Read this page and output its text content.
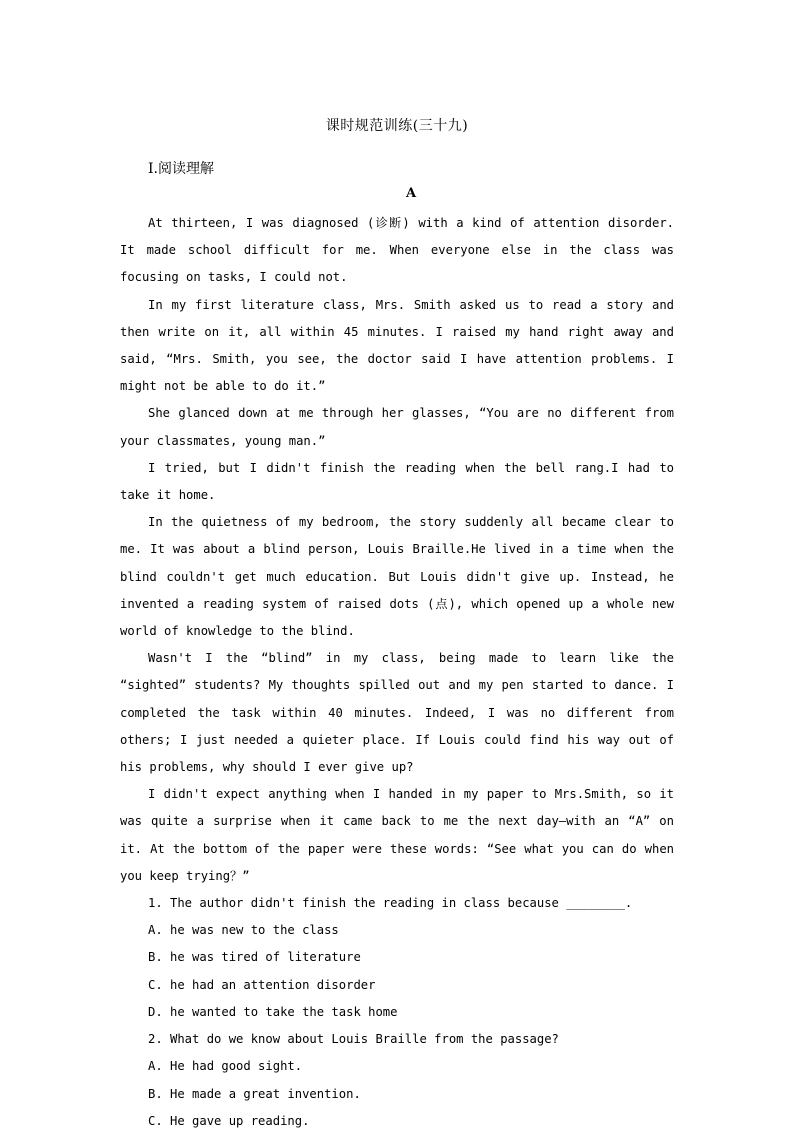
课时规范训练(三十九)
Ⅰ.阅读理解
A

At thirteen, I was diagnosed (诊断) with a kind of attention disorder. It made school difficult for me. When everyone else in the class was focusing on tasks, I could not.

In my first literature class, Mrs. Smith asked us to read a story and then write on it, all within 45 minutes. I raised my hand right away and said, “Mrs. Smith, you see, the doctor said I have attention problems. I might not be able to do it.”

She glanced down at me through her glasses, “You are no different from your classmates, young man.”

I tried, but I didn't finish the reading when the bell rang.I had to take it home.

In the quietness of my bedroom, the story suddenly all became clear to me. It was about a blind person, Louis Braille.He lived in a time when the blind couldn't get much education. But Louis didn't give up. Instead, he invented a reading system of raised dots (点), which opened up a whole new world of knowledge to the blind.

Wasn't I the “blind” in my class, being made to learn like the “sighted” students? My thoughts spilled out and my pen started to dance. I completed the task within 40 minutes. Indeed, I was no different from others; I just needed a quieter place. If Louis could find his way out of his problems, why should I ever give up?

I didn't expect anything when I handed in my paper to Mrs.Smith, so it was quite a surprise when it came back to me the next day—with an “A” on it. At the bottom of the paper were these words: “See what you can do when you keep trying？”

1. The author didn't finish the reading in class because ________.

A. he was new to the class

B. he was tired of literature

C. he had an attention disorder

D. he wanted to take the task home

2. What do we know about Louis Braille from the passage?

A. He had good sight.

B. He made a great invention.

C. He gave up reading.
